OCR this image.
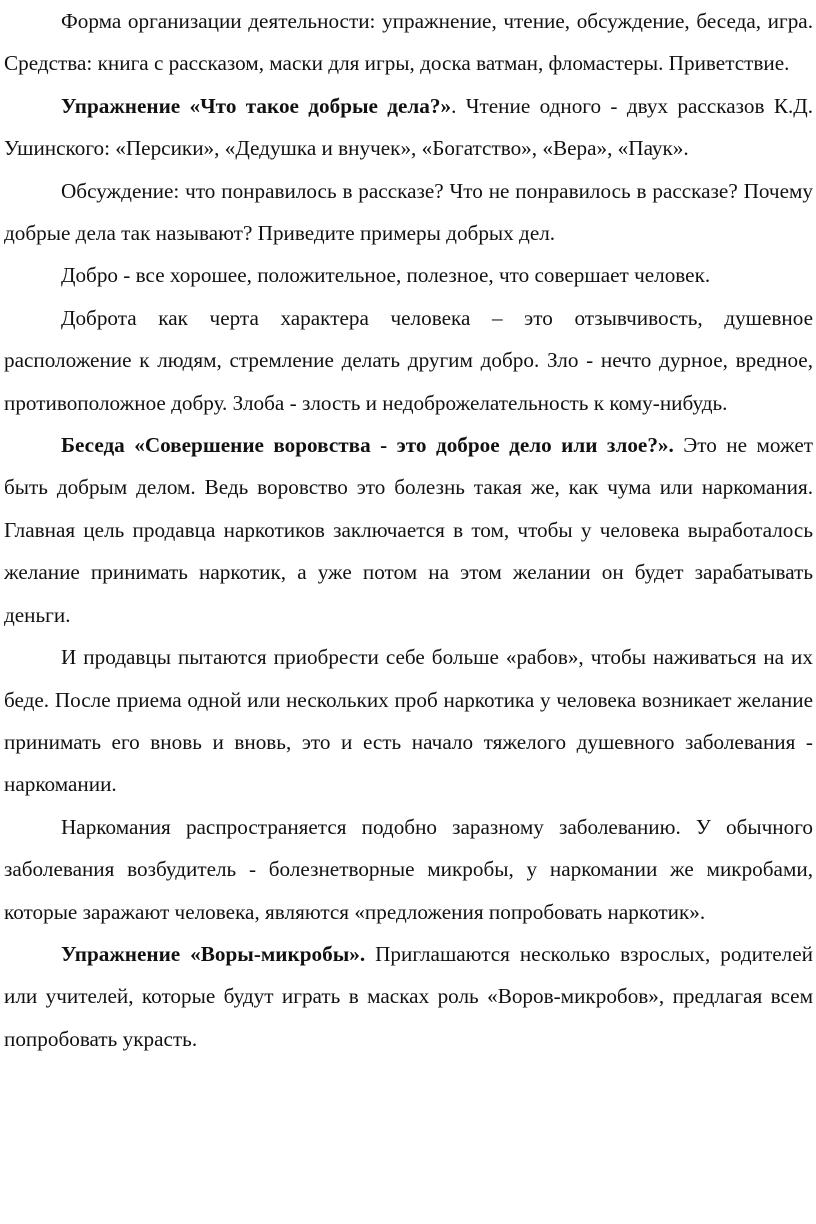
Форма организации деятельности: упражнение, чтение, обсуждение, беседа, игра. Средства: книга с рассказом, маски для игры, доска ватман, фломастеры. Приветствие.

Упражнение «Что такое добрые дела?». Чтение одного - двух рассказов К.Д. Ушинского: «Персики», «Дедушка и внучек», «Богатство», «Вера», «Паук».

Обсуждение: что понравилось в рассказе? Что не понравилось в рассказе? Почему добрые дела так называют? Приведите примеры добрых дел.

Добро - все хорошее, положительное, полезное, что совершает человек.

Доброта как черта характера человека – это отзывчивость, душевное расположение к людям, стремление делать другим добро. Зло - нечто дурное, вредное, противоположное добру. Злоба - злость и недоброжелательность к кому-нибудь.

Беседа «Совершение воровства - это доброе дело или злое?». Это не может быть добрым делом. Ведь воровство это болезнь такая же, как чума или наркомания. Главная цель продавца наркотиков заключается в том, чтобы у человека выработалось желание принимать наркотик, а уже потом на этом желании он будет зарабатывать деньги.

И продавцы пытаются приобрести себе больше «рабов», чтобы наживаться на их беде. После приема одной или нескольких проб наркотика у человека возникает желание принимать его вновь и вновь, это и есть начало тяжелого душевного заболевания - наркомании.

Наркомания распространяется подобно заразному заболеванию. У обычного заболевания возбудитель - болезнетворные микробы, у наркомании же микробами, которые заражают человека, являются «предложения попробовать наркотик».

Упражнение «Воры-микробы». Приглашаются несколько взрослых, родителей или учителей, которые будут играть в масках роль «Воров-микробов», предлагая всем попробовать украсть.
